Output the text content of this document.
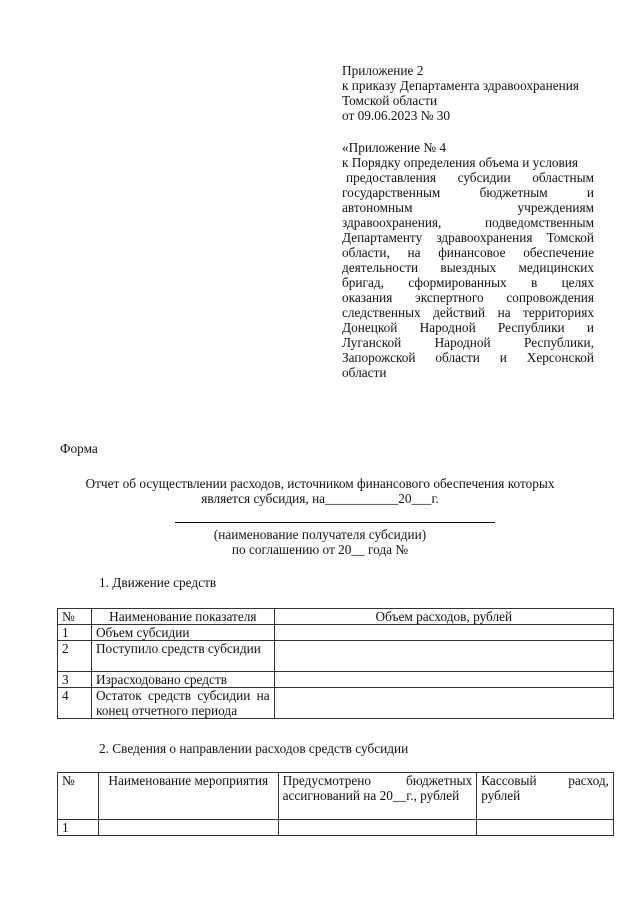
Приложение 2
к приказу Департамента здравоохранения
Томской области
от 09.06.2023 № 30
«Приложение № 4
к Порядку определения объема и условия
предоставления субсидии областным
государственным бюджетным и
автономным учреждениям
здравоохранения, подведомственным
Департаменту здравоохранения Томской
области, на финансовое обеспечение
деятельности выездных медицинских
бригад, сформированных в целях
оказания экспертного сопровождения
следственных действий на территориях
Донецкой Народной Республики и
Луганской Народной Республики,
Запорожской области и Херсонской
области
Форма
Отчет об осуществлении расходов, источником финансового обеспечения которых
является субсидия, на___________20___г.
(наименование получателя субсидии)
по соглашению от 20__ года №
1. Движение средств
№	Наименование показателя	Объем расходов, рублей
1	Объем субсидии	
2	Поступило средств субсидии	
3	Израсходовано средств	
4	Остаток средств субсидии на конец отчетного периода	
2. Сведения о направлении расходов средств субсидии
№	Наименование мероприятия	Предусмотрено бюджетных ассигнований на 20__г., рублей	Кассовый расход, рублей
1			
